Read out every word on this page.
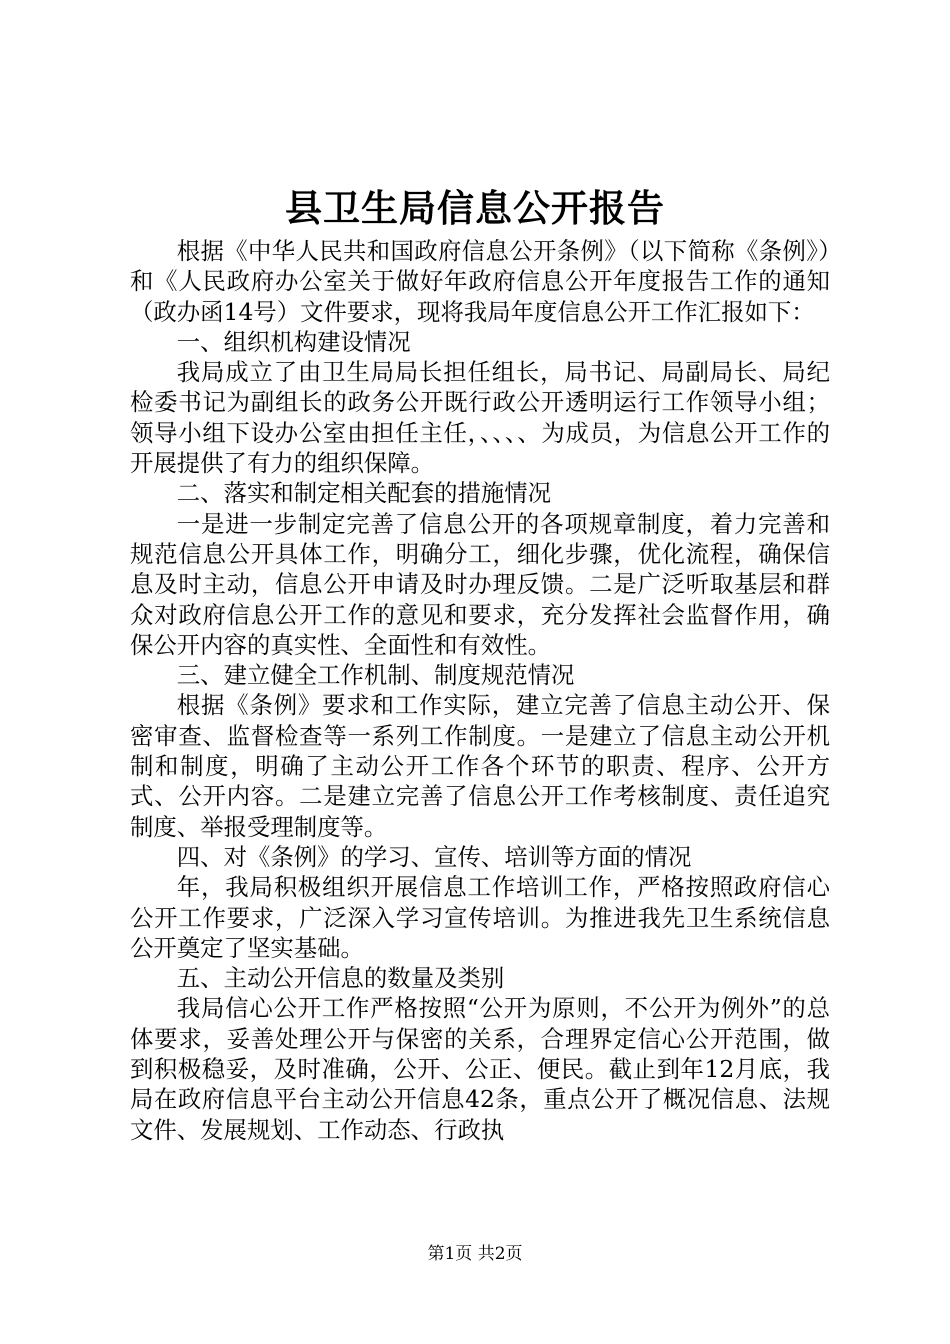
县卫生局信息公开报告

根据《中华人民共和国政府信息公开条例》（以下简称《条例》）和《人民政府办公室关于做好年政府信息公开年度报告工作的通知（政办函14号）文件要求，现将我局年度信息公开工作汇报如下：

一、组织机构建设情况

我局成立了由卫生局局长担任组长，局书记、局副局长、局纪检委书记为副组长的政务公开既行政公开透明运行工作领导小组；领导小组下设办公室由担任主任，、、、、为成员，为信息公开工作的开展提供了有力的组织保障。

二、落实和制定相关配套的措施情况

一是进一步制定完善了信息公开的各项规章制度，着力完善和规范信息公开具体工作，明确分工，细化步骤，优化流程，确保信息及时主动，信息公开申请及时办理反馈。二是广泛听取基层和群众对政府信息公开工作的意见和要求，充分发挥社会监督作用，确保公开内容的真实性、全面性和有效性。

三、建立健全工作机制、制度规范情况

根据《条例》要求和工作实际，建立完善了信息主动公开、保密审查、监督检查等一系列工作制度。一是建立了信息主动公开机制和制度，明确了主动公开工作各个环节的职责、程序、公开方式、公开内容。二是建立完善了信息公开工作考核制度、责任追究制度、举报受理制度等。

四、对《条例》的学习、宣传、培训等方面的情况

年，我局积极组织开展信息工作培训工作，严格按照政府信心公开工作要求，广泛深入学习宣传培训。为推进我先卫生系统信息公开奠定了坚实基础。

五、主动公开信息的数量及类别

我局信心公开工作严格按照“公开为原则，不公开为例外”的总体要求，妥善处理公开与保密的关系，合理界定信心公开范围，做到积极稳妥，及时准确，公开、公正、便民。截止到年12月底，我局在政府信息平台主动公开信息42条，重点公开了概况信息、法规文件、发展规划、工作动态、行政执

第1页 共2页
